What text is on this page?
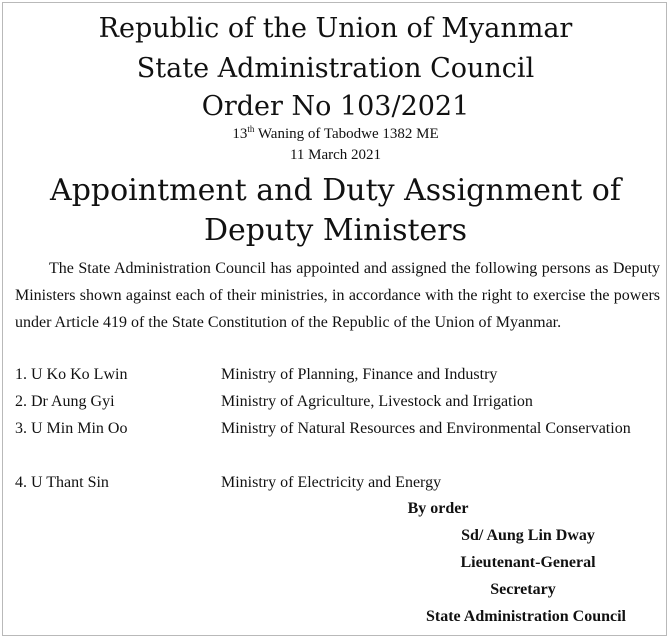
Republic of the Union of Myanmar
State Administration Council
Order No 103/2021
13th Waning of Tabodwe 1382 ME
11 March 2021
Appointment and Duty Assignment of
Deputy Ministers
The State Administration Council has appointed and assigned the following persons as Deputy Ministers shown against each of their ministries, in accordance with the right to exercise the powers under Article 419 of the State Constitution of the Republic of the Union of Myanmar.
1. U Ko Ko Lwin	Ministry of Planning, Finance and Industry
2. Dr Aung Gyi	Ministry of Agriculture, Livestock and Irrigation
3. U Min Min Oo	Ministry of Natural Resources and Environmental Conservation
4. U Thant Sin	Ministry of Electricity and Energy
By order
Sd/ Aung Lin Dway
Lieutenant-General
Secretary
State Administration Council
